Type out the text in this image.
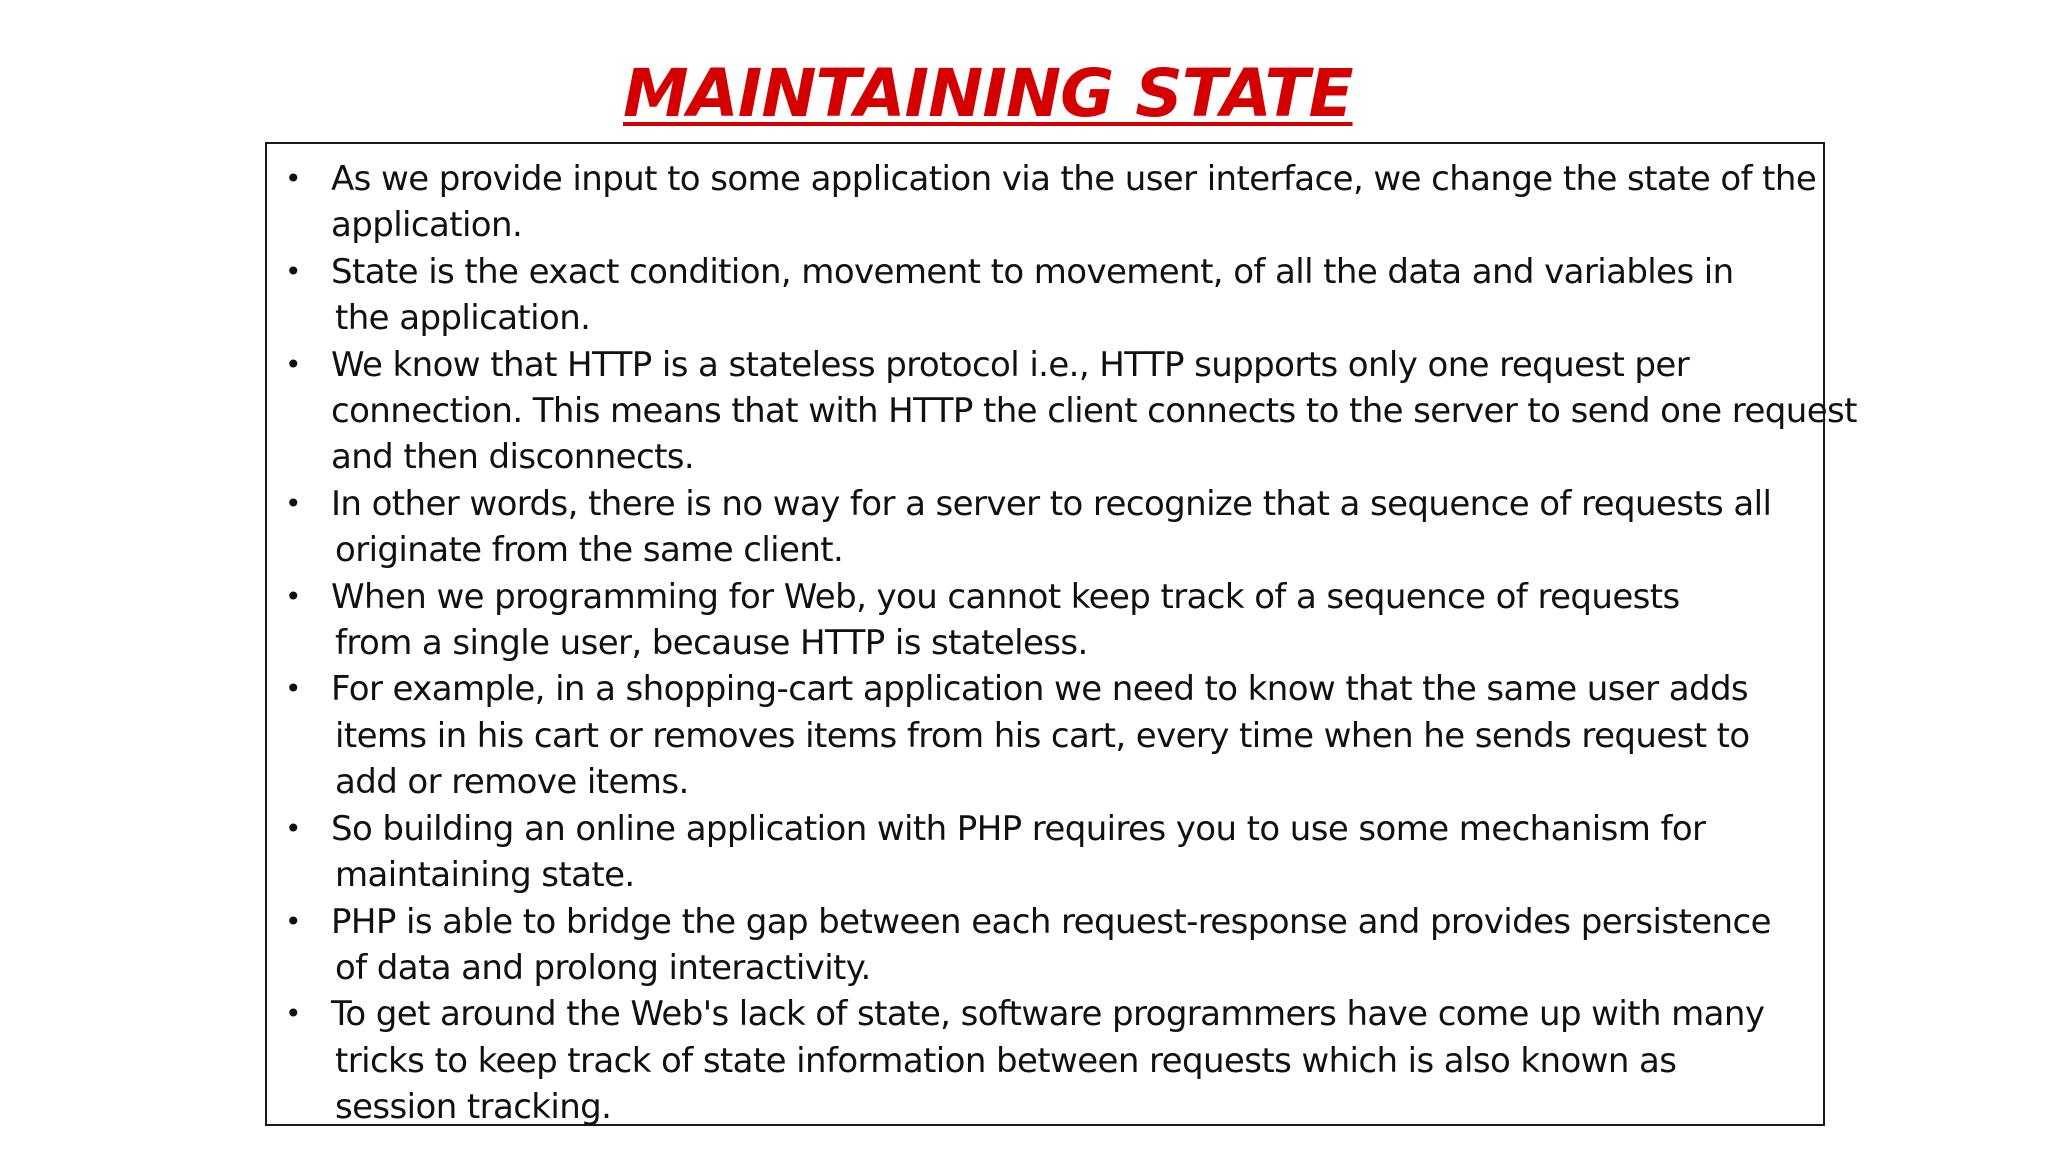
MAINTAINING STATE
• As we provide input to some application via the user interface, we change the state of the
application.
• State is the exact condition, movement to movement, of all the data and variables in
the application.
• We know that HTTP is a stateless protocol i.e., HTTP supports only one request per
connection. This means that with HTTP the client connects to the server to send one request
and then disconnects.
• In other words, there is no way for a server to recognize that a sequence of requests all
originate from the same client.
• When we programming for Web, you cannot keep track of a sequence of requests
from a single user, because HTTP is stateless.
• For example, in a shopping-cart application we need to know that the same user adds
items in his cart or removes items from his cart, every time when he sends request to
add or remove items.
• So building an online application with PHP requires you to use some mechanism for
maintaining state.
• PHP is able to bridge the gap between each request-response and provides persistence
of data and prolong interactivity.
• To get around the Web's lack of state, software programmers have come up with many
tricks to keep track of state information between requests which is also known as
session tracking.
